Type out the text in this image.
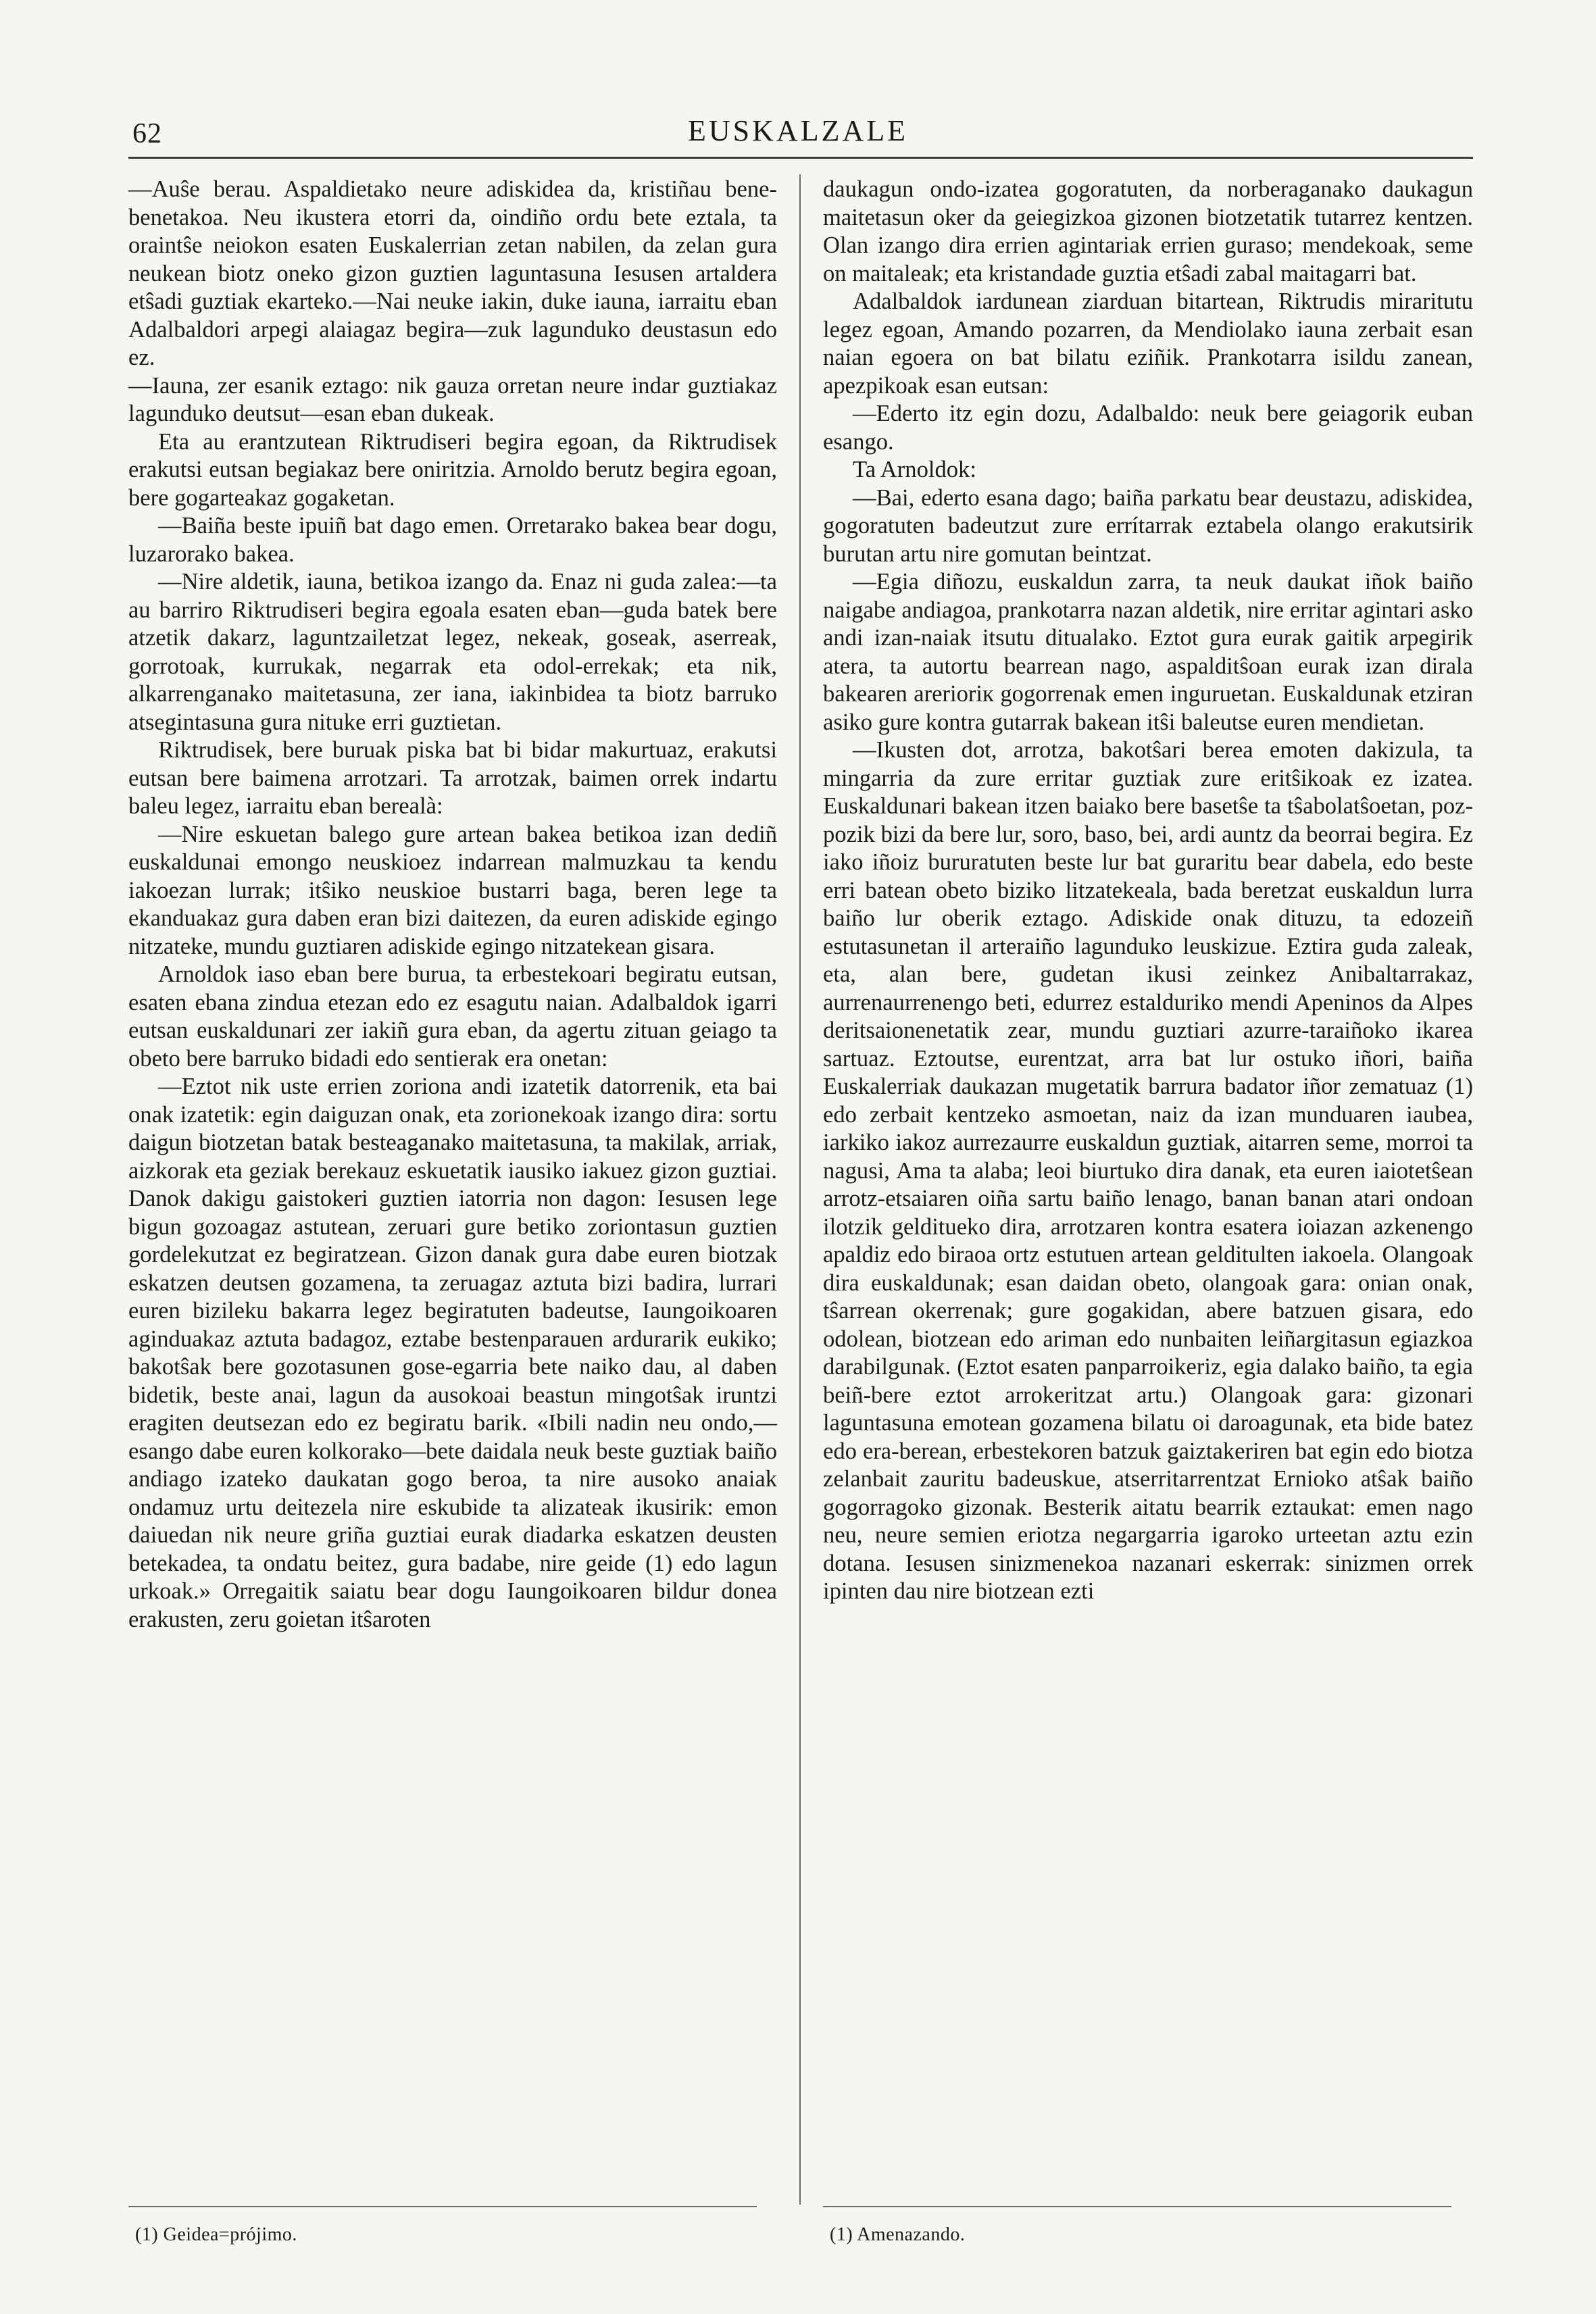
62	EUSKALZALE

—Auŝe berau. Aspaldietako neure adiskidea da, kristiñau bene-benetakoa. Neu ikustera etorri da, oindiño ordu bete eztala, ta oraintŝe neiokon esaten Euskalerrian zetan nabilen, da zelan gura neukean biotz oneko gizon guztien laguntasuna Iesusen artaldera etŝadi guztiak ekarteko.—Nai neuke iakin, duke iauna, iarraitu eban Adalbaldori arpegi alaiagaz begira—zuk lagunduko deustasun edo ez.

—Iauna, zer esanik eztago: nik gauza orretan neure indar guztiakaz lagunduko deutsut—esan eban dukeak.

Eta au erantzutean Riktrudiseri begira egoan, da Riktrudisek erakutsi eutsan begiakaz bere oniritzia. Arnoldo berutz begira egoan, bere gogarteakaz gogaketan.

—Baiña beste ipuiñ bat dago emen. Orretarako bakea bear dogu, luzarorako bakea.

—Nire aldetik, iauna, betikoa izango da. Enaz ni guda zalea:—ta au barriro Riktrudiseri begira egoala esaten eban—guda batek bere atzetik dakarz, laguntzailetzat legez, nekeak, goseak, aserreak, gorrotoak, kurrukak, negarrak eta odol-errekak; eta nik, alkarrenganako maitetasuna, zer iana, iakinbidea ta biotz barruko atsegintasuna gura nituke erri guztietan.

Riktrudisek, bere buruak piska bat bi bidar makurtuaz, erakutsi eutsan bere baimena arrotzari. Ta arrotzak, baimen orrek indartu baleu legez, iarraitu eban berealà:

—Nire eskuetan balego gure artean bakea betikoa izan dediñ euskaldunai emongo neuskioez indarrean malmuzkau ta kendu iakoezan lurrak; itŝiko neuskioe bustarri baga, beren lege ta ekanduakaz gura daben eran bizi daitezen, da euren adiskide egingo nitzateke, mundu guztiaren adiskide egingo nitzatekean gisara.

Arnoldok iaso eban bere burua, ta erbestekoari begiratu eutsan, esaten ebana zindua etezan edo ez esagutu naian. Adalbaldok igarri eutsan euskaldunari zer iakiñ gura eban, da agertu zituan geiago ta obeto bere barruko bidadi edo sentierak era onetan:

—Eztot nik uste errien zoriona andi izatetik datorrenik, eta bai onak izatetik: egin daiguzan onak, eta zorionekoak izango dira: sortu daigun biotzetan batak besteaganako maitetasuna, ta makilak, arriak, aizkorak eta geziak berekauz eskuetatik iausiko iakuez gizon guztiai. Danok dakigu gaistokeri guztien iatorria non dagon: Iesusen lege bigun gozoagaz astutean, zeruari gure betiko zoriontasun guztien gordelekutzat ez begiratzean. Gizon danak gura dabe euren biotzak eskatzen deutsen gozamena, ta zeruagaz aztuta bizi badira, lurrari euren bizileku bakarra legez begiratuten badeutse, Iaungoikoaren aginduakaz aztuta badagoz, eztabe bestenparauen ardurarik eukiko; bakotŝak bere gozotasunen gose-egarria bete naiko dau, al daben bidetik, beste anai, lagun da ausokoai beastun mingotŝak iruntzi eragiten deutsezan edo ez begiratu barik. «Ibili nadin neu ondo,—esango dabe euren kolkorako—bete daidala neuk beste guztiak baiño andiago izateko daukatan gogo beroa, ta nire ausoko anaiak ondamuz urtu deitezela nire eskubide ta alizateak ikusirik: emon daiuedan nik neure griña guztiai eurak diadarka eskatzen deusten betekadea, ta ondatu beitez, gura badabe, nire geide (1) edo lagun urkoak.» Orregaitik saiatu bear dogu Iaungoikoaren bildur donea erakusten, zeru goietan itŝaroten

daukagun ondo-izatea gogoratuten, da norberaganako daukagun maitetasun oker da geiegizkoa gizonen biotzetatik tutarrez kentzen. Olan izango dira errien agintariak errien guraso; mendekoak, seme on maitaleak; eta kristandade guztia etŝadi zabal maitagarri bat.

Adalbaldok iardunean ziarduan bitartean, Riktrudis miraritutu legez egoan, Amando pozarren, da Mendiolako iauna zerbait esan naian egoera on bat bilatu eziñik. Prankotarra isildu zanean, apezpikoak esan eutsan:

—Ederto itz egin dozu, Adalbaldo: neuk bere geiagorik euban esango.

Ta Arnoldok:

—Bai, ederto esana dago; baiña parkatu bear deustazu, adiskidea, gogoratuten badeutzut zure errítarrak eztabela olango erakutsirik burutan artu nire gomutan beintzat.

—Egia diñozu, euskaldun zarra, ta neuk daukat iñok baiño naigabe andiagoa, prankotarra nazan aldetik, nire erritar agintari asko andi izan-naiak itsutu ditualako. Eztot gura eurak gaitik arpegirik atera, ta autortu bearrean nago, aspalditŝoan eurak izan dirala bakearen arerioriк gogorrenak emen inguruetan. Euskaldunak etziran asiko gure kontra gutarrak bakean itŝi baleutse euren mendietan.

—Ikusten dot, arrotza, bakotŝari berea emoten dakizula, ta mingarria da zure erritar guztiak zure eritŝikoak ez izatea. Euskaldunari bakean itzen baiako bere basetŝe ta tŝabolatŝoetan, poz-pozik bizi da bere lur, soro, baso, bei, ardi auntz da beorrai begira. Ez iako iñoiz bururatuten beste lur bat guraritu bear dabela, edo beste erri batean obeto biziko litzatekeala, bada beretzat euskaldun lurra baiño lur oberik eztago. Adiskide onak dituzu, ta edozeiñ estutasunetan il arteraiño lagunduko leuskizue. Eztira guda zaleak, eta, alan bere, gudetan ikusi zeinkez Anibaltarrakaz, aurrenaurrenengo beti, edurrez estalduriko mendi Apeninos da Alpes deritsaionenetatik zear, mundu guztiari azurre-taraiñoko ikarea sartuaz. Eztoutse, eurentzat, arra bat lur ostuko iñori, baiña Euskalerriak daukazan mugetatik barrura badator iñor zematuaz (1) edo zerbait kentzeko asmoetan, naiz da izan munduaren iaubea, iarkiko iakoz aurrezaurre euskaldun guztiak, aitarren seme, morroi ta nagusi, Ama ta alaba; leoi biurtuko dira danak, eta euren iaiotetŝean arrotz-etsaiaren oiña sartu baiño lenago, banan banan atari ondoan ilotzik gelditueko dira, arrotzaren kontra esatera ioiazan azkenengo apaldiz edo biraoa ortz estutuen artean gelditulten iakoela. Olangoak dira euskaldunak; esan daidan obeto, olangoak gara: onian onak, tŝarrean okerrenak; gure gogakidan, abere batzuen gisara, edo odolean, biotzean edo ariman edo nunbaiten leiñargitasun egiazkoa darabilgunak. (Eztot esaten panparroikeriz, egia dalako baiño, ta egia beiñ-bere eztot arrokeritzat artu.) Olangoak gara: gizonari laguntasuna emotean gozamena bilatu oi daroagunak, eta bide batez edo era-berean, erbestekoren batzuk gaiztakeriren bat egin edo biotza zelanbait zauritu badeuskue, atserritarrentzat Ernioko atŝak baiño gogorragoko gizonak. Besterik aitatu bearrik eztaukat: emen nago neu, neure semien eriotza negargarria igaroko urteetan aztu ezin dotana. Iesusen sinizmenekoa nazanari eskerrak: sinizmen orrek ipinten dau nire biotzean ezti

(1) Geidea=prójimo.	(1) Amenazando.
